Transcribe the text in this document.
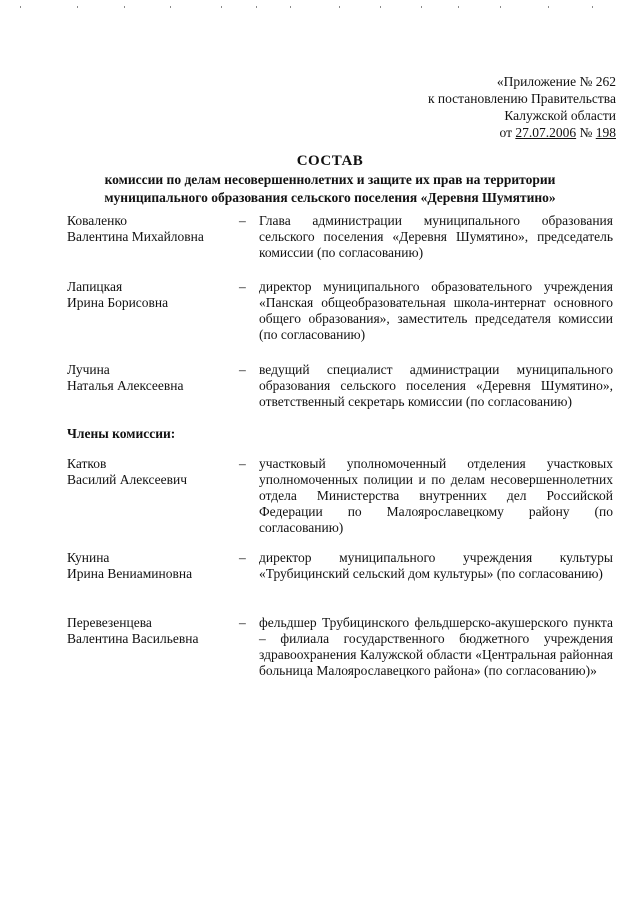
«Приложение № 262
к постановлению Правительства
Калужской области
от 27.07.2006 № 198
СОСТАВ
комиссии по делам несовершеннолетних и защите их прав на территории
муниципального образования сельского поселения «Деревня Шумятино»
Коваленко
Валентина Михайловна
– Глава администрации муниципального образования сельского поселения «Деревня Шумятино», председатель комиссии (по согласованию)
Лапицкая
Ирина Борисовна
– директор муниципального образовательного учреждения «Панская общеобразовательная школа-интернат основного общего образования», заместитель председателя комиссии (по согласованию)
Лучина
Наталья Алексеевна
– ведущий специалист администрации муниципального образования сельского поселения «Деревня Шумятино», ответственный секретарь комиссии (по согласованию)
Члены комиссии:
Катков
Василий Алексеевич
– участковый уполномоченный отделения участковых уполномоченных полиции и по делам несовершеннолетних отдела Министерства внутренних дел Российской Федерации по Малоярославецкому району (по согласованию)
Кунина
Ирина Вениаминовна
– директор муниципального учреждения культуры «Трубицинский сельский дом культуры» (по согласованию)
Перевезенцева
Валентина Васильевна
– фельдшер Трубицинского фельдшерско-акушерского пункта – филиала государственного бюджетного учреждения здравоохранения Калужской области «Центральная районная больница Малоярославецкого района» (по согласованию)»
